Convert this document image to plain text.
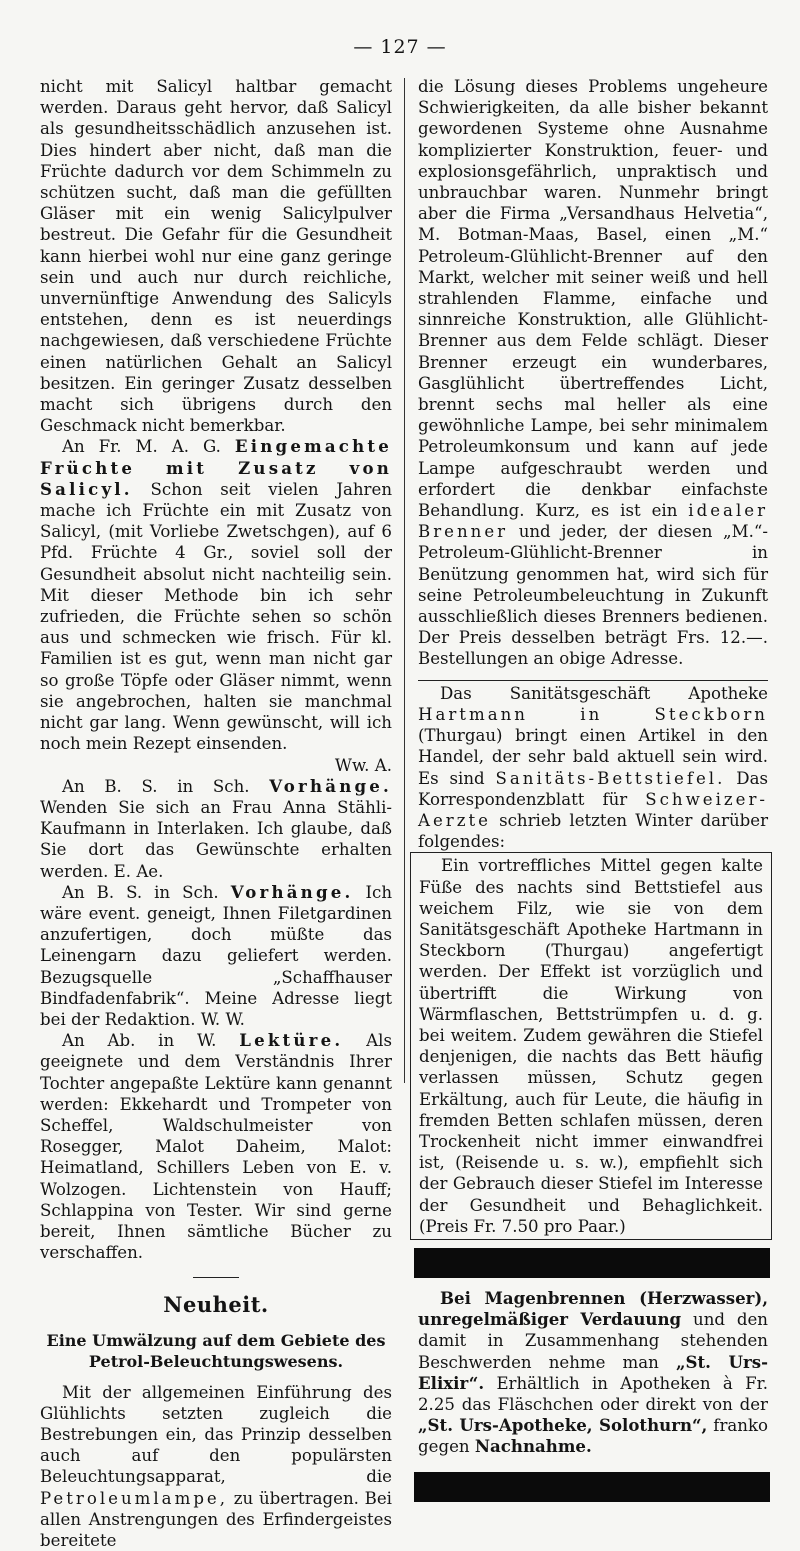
— 127 —

nicht mit Salicyl haltbar gemacht werden. Daraus geht hervor, daß Salicyl als gesundheitsschädlich anzusehen ist. Dies hindert aber nicht, daß man die Früchte dadurch vor dem Schimmeln zu schützen sucht, daß man die gefüllten Gläser mit ein wenig Salicylpulver bestreut. Die Gefahr für die Gesundheit kann hierbei wohl nur eine ganz geringe sein und auch nur durch reichliche, unvernünftige Anwendung des Salicyls entstehen, denn es ist neuerdings nachgewiesen, daß verschiedene Früchte einen natürlichen Gehalt an Salicyl besitzen. Ein geringer Zusatz desselben macht sich übrigens durch den Geschmack nicht bemerkbar.

An Fr. M. A. G. Eingemachte Früchte mit Zusatz von Salicyl. Schon seit vielen Jahren mache ich Früchte ein mit Zusatz von Salicyl, (mit Vorliebe Zwetschgen), auf 6 Pfd. Früchte 4 Gr., soviel soll der Gesundheit absolut nicht nachteilig sein. Mit dieser Methode bin ich sehr zufrieden, die Früchte sehen so schön aus und schmecken wie frisch. Für kl. Familien ist es gut, wenn man nicht gar so große Töpfe oder Gläser nimmt, wenn sie angebrochen, halten sie manchmal nicht gar lang. Wenn gewünscht, will ich noch mein Rezept einsenden.

Ww. A.

An B. S. in Sch. Vorhänge. Wenden Sie sich an Frau Anna Stähli-Kaufmann in Interlaken. Ich glaube, daß Sie dort das Gewünschte erhalten werden. E. Ae.

An B. S. in Sch. Vorhänge. Ich wäre event. geneigt, Ihnen Filetgardinen anzufertigen, doch müßte das Leinengarn dazu geliefert werden. Bezugsquelle „Schaffhauser Bindfadenfabrik“. Meine Adresse liegt bei der Redaktion. W. W.

An Ab. in W. Lektüre. Als geeignete und dem Verständnis Ihrer Tochter angepaßte Lektüre kann genannt werden: Ekkehardt und Trompeter von Scheffel, Waldschulmeister von Rosegger, Malot Daheim, Malot: Heimatland, Schillers Leben von E. v. Wolzogen. Lichtenstein von Hauff; Schlappina von Tester. Wir sind gerne bereit, Ihnen sämtliche Bücher zu verschaffen.

Neuheit.
Eine Umwälzung auf dem Gebiete des Petrol-Beleuchtungswesens.

Mit der allgemeinen Einführung des Glühlichts setzten zugleich die Bestrebungen ein, das Prinzip desselben auch auf den populärsten Beleuchtungsapparat, die Petroleumlampe, zu übertragen. Bei allen Anstrengungen des Erfindergeistes bereitete

die Lösung dieses Problems ungeheure Schwierigkeiten, da alle bisher bekannt gewordenen Systeme ohne Ausnahme komplizierter Konstruktion, feuer- und explosionsgefährlich, unpraktisch und unbrauchbar waren. Nunmehr bringt aber die Firma „Versandhaus Helvetia“, M. Botman-Maas, Basel, einen „M.“ Petroleum-Glühlicht-Brenner auf den Markt, welcher mit seiner weiß und hell strahlenden Flamme, einfache und sinnreiche Konstruktion, alle Glühlicht-Brenner aus dem Felde schlägt. Dieser Brenner erzeugt ein wunderbares, Gasglühlicht übertreffendes Licht, brennt sechs mal heller als eine gewöhnliche Lampe, bei sehr minimalem Petroleumkonsum und kann auf jede Lampe aufgeschraubt werden und erfordert die denkbar einfachste Behandlung. Kurz, es ist ein idealer Brenner und jeder, der diesen „M.“-Petroleum-Glühlicht-Brenner in Benützung genommen hat, wird sich für seine Petroleumbeleuchtung in Zukunft ausschließlich dieses Brenners bedienen. Der Preis desselben beträgt Frs. 12.—. Bestellungen an obige Adresse.

Das Sanitätsgeschäft Apotheke Hartmann in Steckborn (Thurgau) bringt einen Artikel in den Handel, der sehr bald aktuell sein wird. Es sind Sanitäts-Bettstiefel. Das Korrespondenzblatt für Schweizer-Aerzte schrieb letzten Winter darüber folgendes:

Ein vortreffliches Mittel gegen kalte Füße des nachts sind Bettstiefel aus weichem Filz, wie sie von dem Sanitätsgeschäft Apotheke Hartmann in Steckborn (Thurgau) angefertigt werden. Der Effekt ist vorzüglich und übertrifft die Wirkung von Wärmflaschen, Bettstrümpfen u. d. g. bei weitem. Zudem gewähren die Stiefel denjenigen, die nachts das Bett häufig verlassen müssen, Schutz gegen Erkältung, auch für Leute, die häufig in fremden Betten schlafen müssen, deren Trockenheit nicht immer einwandfrei ist, (Reisende u. s. w.), empfiehlt sich der Gebrauch dieser Stiefel im Interesse der Gesundheit und Behaglichkeit. (Preis Fr. 7.50 pro Paar.)

Bei Magenbrennen (Herzwasser), unregelmäßiger Verdauung und den damit in Zusammenhang stehenden Beschwerden nehme man „St. Urs-Elixir“. Erhältlich in Apotheken à Fr. 2.25 das Fläschchen oder direkt von der „St. Urs-Apotheke, Solothurn“, franko gegen Nachnahme.
